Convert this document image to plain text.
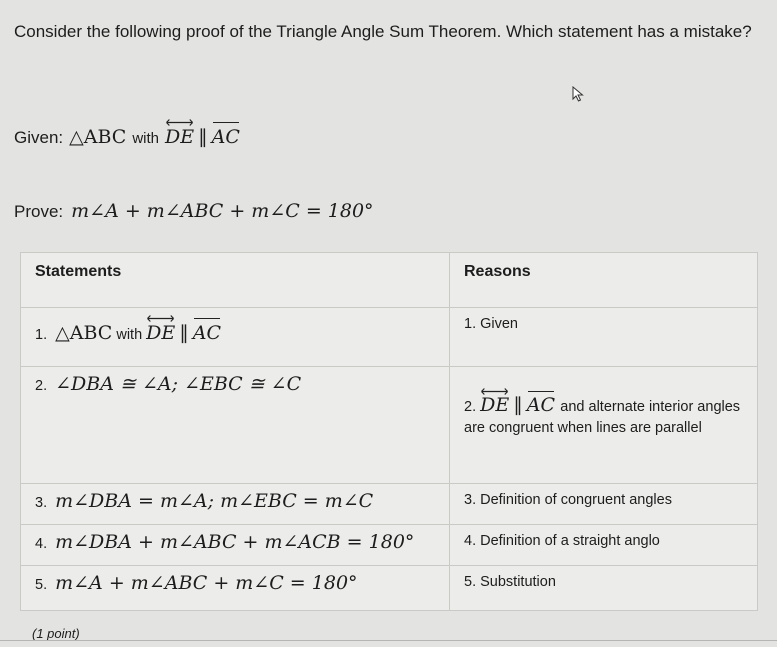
Consider the following proof of the Triangle Angle Sum Theorem. Which statement has a mistake?
Given: △ABC with DE ∥ AC
Prove: m∠A + m∠ABC + m∠C = 180°
Statements	Reasons
1. △ABC with DE ∥ AC	1. Given
2. ∠DBA ≅ ∠A; ∠EBC ≅ ∠C	2. DE ∥ AC and alternate interior angles are congruent when lines are parallel
3. m∠DBA = m∠A; m∠EBC = m∠C	3. Definition of congruent angles
4. m∠DBA + m∠ABC + m∠ACB = 180°	4. Definition of a straight anglo
5. m∠A + m∠ABC + m∠C = 180°	5. Substitution
(1 point)
